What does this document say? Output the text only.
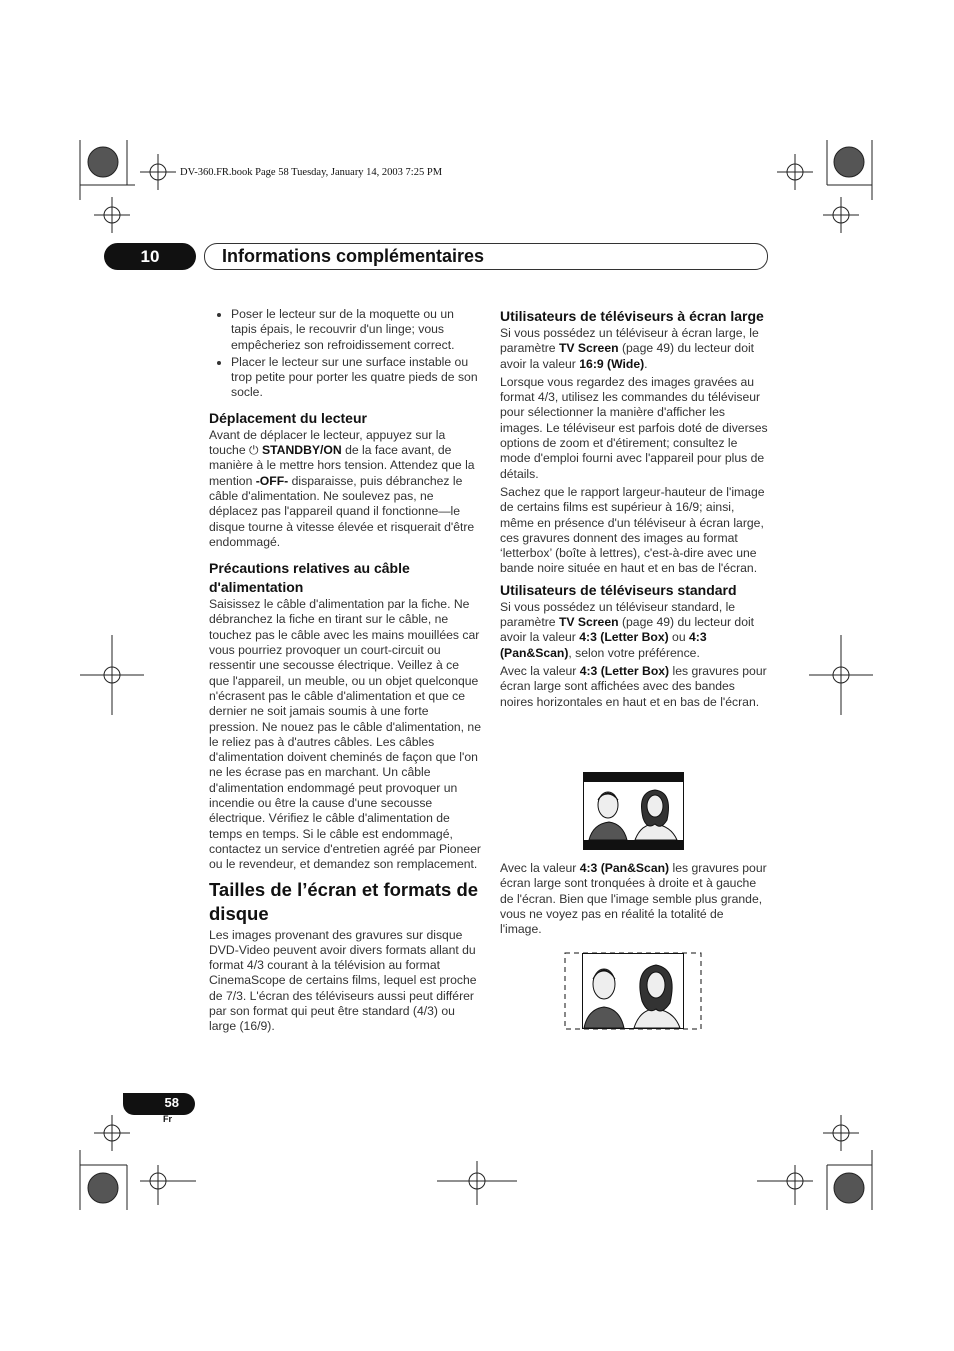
DV-360.FR.book Page 58 Tuesday, January 14, 2003 7:25 PM
10	Informations complémentaires
• Poser le lecteur sur de la moquette ou un tapis épais, le recouvrir d'un linge; vous empêcheriez son refroidissement correct.
• Placer le lecteur sur une surface instable ou trop petite pour porter les quatre pieds de son socle.
Déplacement du lecteur

Avant de déplacer le lecteur, appuyez sur la touche ⏻ STANDBY/ON de la face avant, de manière à le mettre hors tension. Attendez que la mention -OFF- disparaisse, puis débranchez le câble d'alimentation. Ne soulevez pas, ne déplacez pas l'appareil quand il fonctionne—le disque tourne à vitesse élevée et risquerait d'être endommagé.

Précautions relatives au câble d'alimentation

Saisissez le câble d'alimentation par la fiche. Ne débranchez la fiche en tirant sur le câble, ne touchez pas le câble avec les mains mouillées car vous pourriez provoquer un court-circuit ou ressentir une secousse électrique. Veillez à ce que l'appareil, un meuble, ou un objet quelconque n'écrasent pas le câble d'alimentation et que ce dernier ne soit jamais soumis à une forte pression. Ne nouez pas le câble d'alimentation, ne le reliez pas à d'autres câbles. Les câbles d'alimentation doivent cheminés de façon que l'on ne les écrase pas en marchant. Un câble d'alimentation endommagé peut provoquer un incendie ou être la cause d'une secousse électrique. Vérifiez le câble d'alimentation de temps en temps. Si le câble est endommagé, contactez un service d'entretien agréé par Pioneer ou le revendeur, et demandez son remplacement.

Tailles de l’écran et formats de disque

Les images provenant des gravures sur disque DVD-Video peuvent avoir divers formats allant du format 4/3 courant à la télévision au format CinemaScope de certains films, lequel est proche de 7/3. L'écran des téléviseurs aussi peut différer par son format qui peut être standard (4/3) ou large (16/9).

Utilisateurs de téléviseurs à écran large

Si vous possédez un téléviseur à écran large, le paramètre TV Screen (page 49) du lecteur doit avoir la valeur 16:9 (Wide).

Lorsque vous regardez des images gravées au format 4/3, utilisez les commandes du téléviseur pour sélectionner la manière d'afficher les images. Le téléviseur est parfois doté de diverses options de zoom et d'étirement; consultez le mode d'emploi fourni avec l'appareil pour plus de détails.

Sachez que le rapport largeur-hauteur de l'image de certains films est supérieur à 16/9; ainsi, même en présence d'un téléviseur à écran large, ces gravures donnent des images au format ‘letterbox’ (boîte à lettres), c'est-à-dire avec une bande noire située en haut et en bas de l'écran.

Utilisateurs de téléviseurs standard

Si vous possédez un téléviseur standard, le paramètre TV Screen (page 49) du lecteur doit avoir la valeur 4:3 (Letter Box) ou 4:3 (Pan&Scan), selon votre préférence.

Avec la valeur 4:3 (Letter Box) les gravures pour écran large sont affichées avec des bandes noires horizontales en haut et en bas de l'écran.

Avec la valeur 4:3 (Pan&Scan) les gravures pour écran large sont tronquées à droite et à gauche de l'écran. Bien que l'image semble plus grande, vous ne voyez pas en réalité la totalité de l'image.

58
Fr
